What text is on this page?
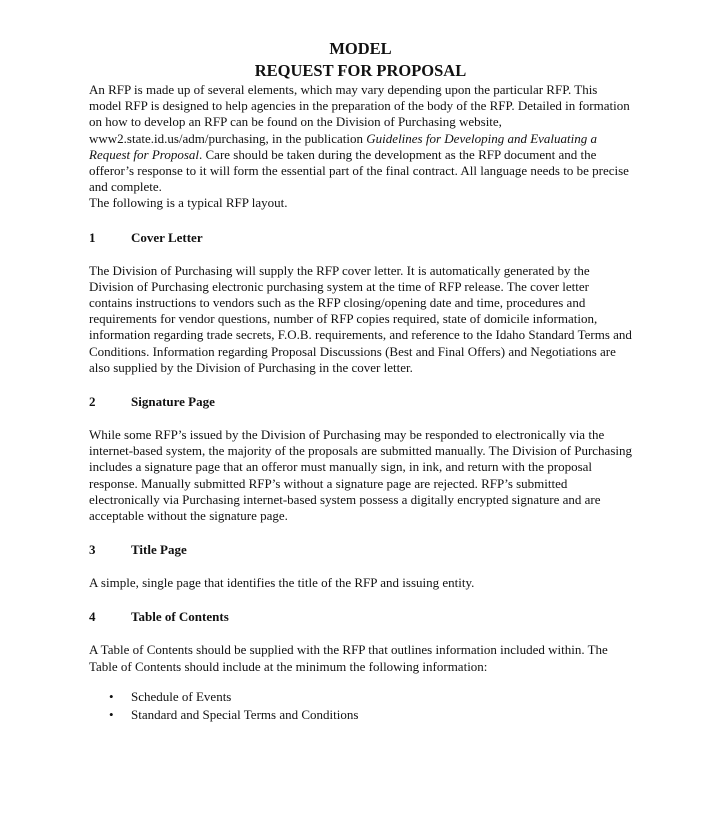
MODEL
REQUEST FOR PROPOSAL

An RFP is made up of several elements, which may vary depending upon the particular RFP. This model RFP is designed to help agencies in the preparation of the body of the RFP. Detailed in formation on how to develop an RFP can be found on the Division of Purchasing website, www2.state.id.us/adm/purchasing, in the publication Guidelines for Developing and Evaluating a Request for Proposal. Care should be taken during the development as the RFP document and the offeror’s response to it will form the essential part of the final contract. All language needs to be precise and complete.

The following is a typical RFP layout.

1	Cover Letter

The Division of Purchasing will supply the RFP cover letter. It is automatically generated by the Division of Purchasing electronic purchasing system at the time of RFP release. The cover letter contains instructions to vendors such as the RFP closing/opening date and time, procedures and requirements for vendor questions, number of RFP copies required, state of domicile information, information regarding trade secrets, F.O.B. requirements, and reference to the Idaho Standard Terms and Conditions. Information regarding Proposal Discussions (Best and Final Offers) and Negotiations are also supplied by the Division of Purchasing in the cover letter.

2	Signature Page

While some RFP’s issued by the Division of Purchasing may be responded to electronically via the internet-based system, the majority of the proposals are submitted manually. The Division of Purchasing includes a signature page that an offeror must manually sign, in ink, and return with the proposal response. Manually submitted RFP’s without a signature page are rejected. RFP’s submitted electronically via Purchasing internet-based system possess a digitally encrypted signature and are acceptable without the signature page.

3	Title Page

A simple, single page that identifies the title of the RFP and issuing entity.

4	Table of Contents

A Table of Contents should be supplied with the RFP that outlines information included within. The Table of Contents should include at the minimum the following information:

•	Schedule of Events
•	Standard and Special Terms and Conditions
